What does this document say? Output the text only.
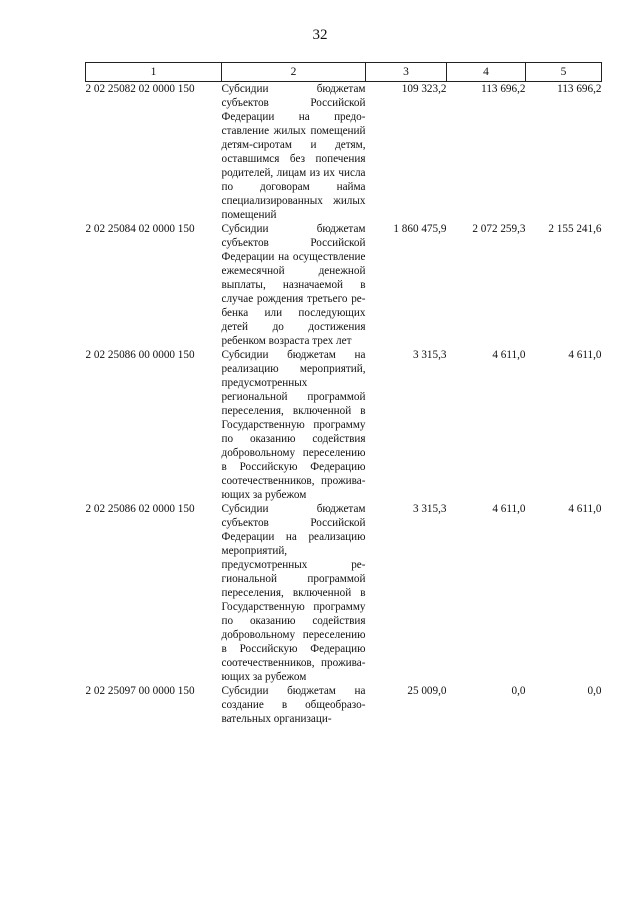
32
1	2	3	4	5
2 02 25082 02 0000 150	Субсидии бюджетам субъектов Российской Федерации на предоставление жилых помещений детям-сиротам и детям, оставшимся без попечения родителей, лицам из их числа по договорам найма специализированных жилых помещений	109 323,2	113 696,2	113 696,2
2 02 25084 02 0000 150	Субсидии бюджетам субъектов Российской Федерации на осуществление ежемесячной денежной выплаты, назначаемой в случае рождения третьего ребенка или последующих детей до достижения ребенком возраста трех лет	1 860 475,9	2 072 259,3	2 155 241,6
2 02 25086 00 0000 150	Субсидии бюджетам на реализацию мероприятий, предусмотренных региональной программой переселения, включенной в Государственную программу по оказанию содействия добровольному переселению в Российскую Федерацию соотечественников, проживающих за рубежом	3 315,3	4 611,0	4 611,0
2 02 25086 02 0000 150	Субсидии бюджетам субъектов Российской Федерации на реализацию мероприятий, предусмотренных региональной программой переселения, включенной в Государственную программу по оказанию содействия добровольному переселению в Российскую Федерацию соотечественников, проживающих за рубежом	3 315,3	4 611,0	4 611,0
2 02 25097 00 0000 150	Субсидии бюджетам на создание в общеобразовательных организаци-	25 009,0	0,0	0,0
